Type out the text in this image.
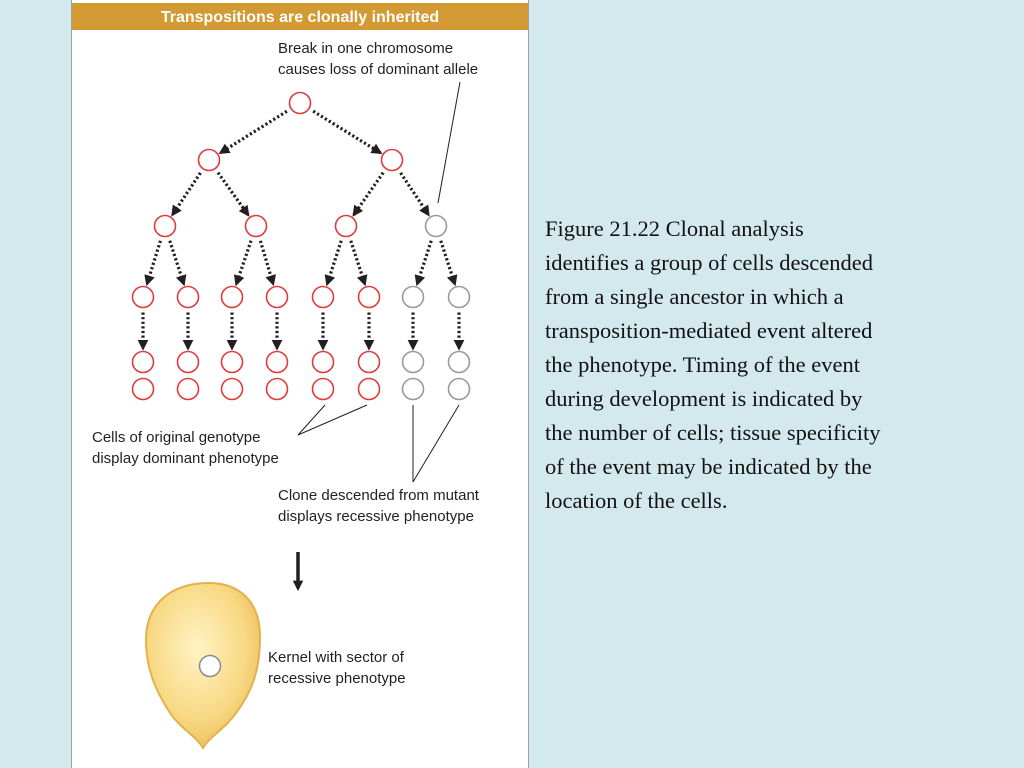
Transpositions are clonally inherited
Break in one chromosome
causes loss of dominant allele
Cells of original genotype
display dominant phenotype
Clone descended from mutant
displays recessive phenotype
Kernel with sector of
recessive phenotype

Figure 21.22 Clonal analysis
identifies a group of cells descended
from a single ancestor in which a
transposition-mediated event altered
the phenotype. Timing of the event
during development is indicated by
the number of cells; tissue specificity
of the event may be indicated by the
location of the cells.
